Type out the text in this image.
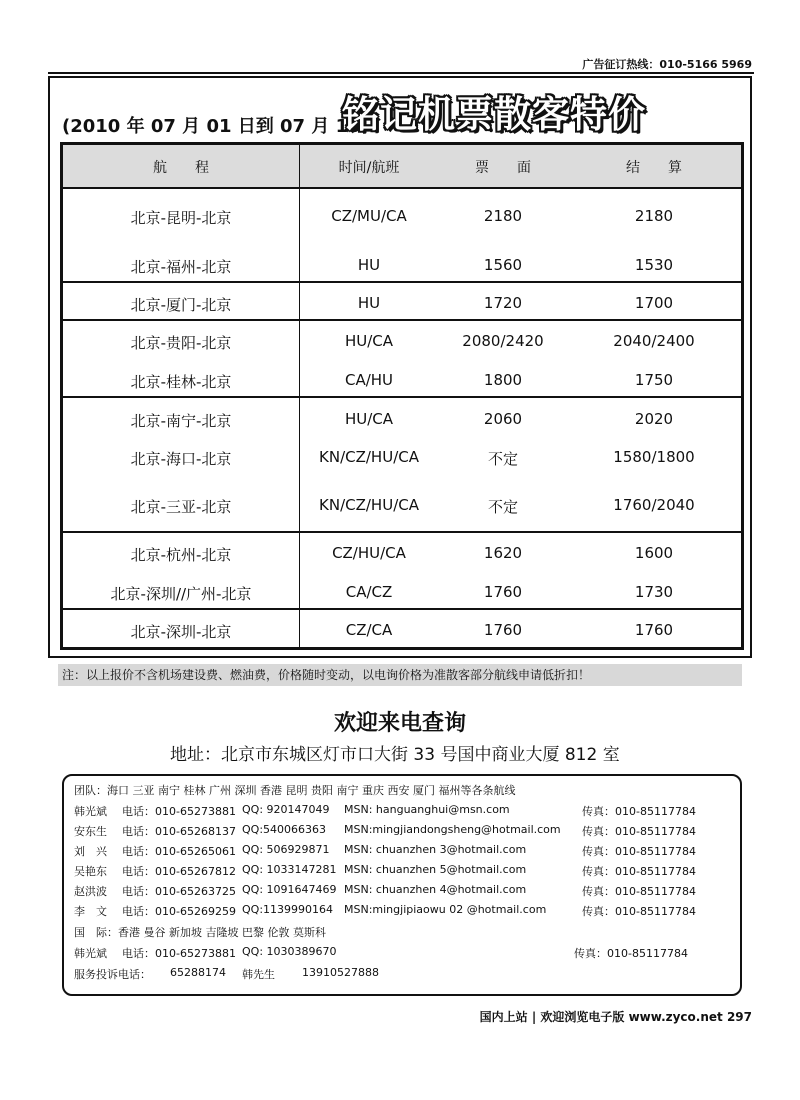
广告征订热线：010-5166 5969
(2010 年 07 月 01 日到 07 月 15
铭记机票散客特价
航　　程	时间/航班	票　　面	结　　算
北京-昆明-北京	CZ/MU/CA	2180	2180
北京-福州-北京	HU	1560	1530
北京-厦门-北京	HU	1720	1700
北京-贵阳-北京	HU/CA	2080/2420	2040/2400
北京-桂林-北京	CA/HU	1800	1750
北京-南宁-北京	HU/CA	2060	2020
北京-海口-北京	KN/CZ/HU/CA	不定	1580/1800
北京-三亚-北京	KN/CZ/HU/CA	不定	1760/2040
北京-杭州-北京	CZ/HU/CA	1620	1600
北京-深圳//广州-北京	CA/CZ	1760	1730
北京-深圳-北京	CZ/CA	1760	1760
注：以上报价不含机场建设费、燃油费，价格随时变动，以电询价格为准散客部分航线申请低折扣！
欢迎来电查询
地址：北京市东城区灯市口大街 33 号国中商业大厦 812 室
团队：海口 三亚 南宁 桂林 广州 深圳 香港 昆明 贵阳 南宁 重庆 西安 厦门 福州等各条航线
韩光斌 电话：010-65273881 QQ: 920147049 MSN: hanguanghui@msn.com	传真：010-85117784
安东生 电话：010-65268137 QQ:540066363 MSN:mingjiandongsheng@hotmail.com 传真：010-85117784
刘　兴 电话：010-65265061 QQ: 506929871 MSN: chuanzhen 3@hotmail.com	传真：010-85117784
吴艳东 电话：010-65267812 QQ: 1033147281 MSN: chuanzhen 5@hotmail.com	传真：010-85117784
赵洪波 电话：010-65263725 QQ: 1091647469 MSN: chuanzhen 4@hotmail.com	传真：010-85117784
李　文 电话：010-65269259 QQ:1139990164 MSN:mingjipiaowu 02 @hotmail.com	传真：010-85117784
国　际：香港 曼谷 新加坡 吉隆坡 巴黎 伦敦 莫斯科
韩光斌 电话：010-65273881 QQ: 1030389670	传真：010-85117784
服务投诉电话： 65288174 韩先生 13910527888
国内上站 | 欢迎浏览电子版 www.zyco.net 297
